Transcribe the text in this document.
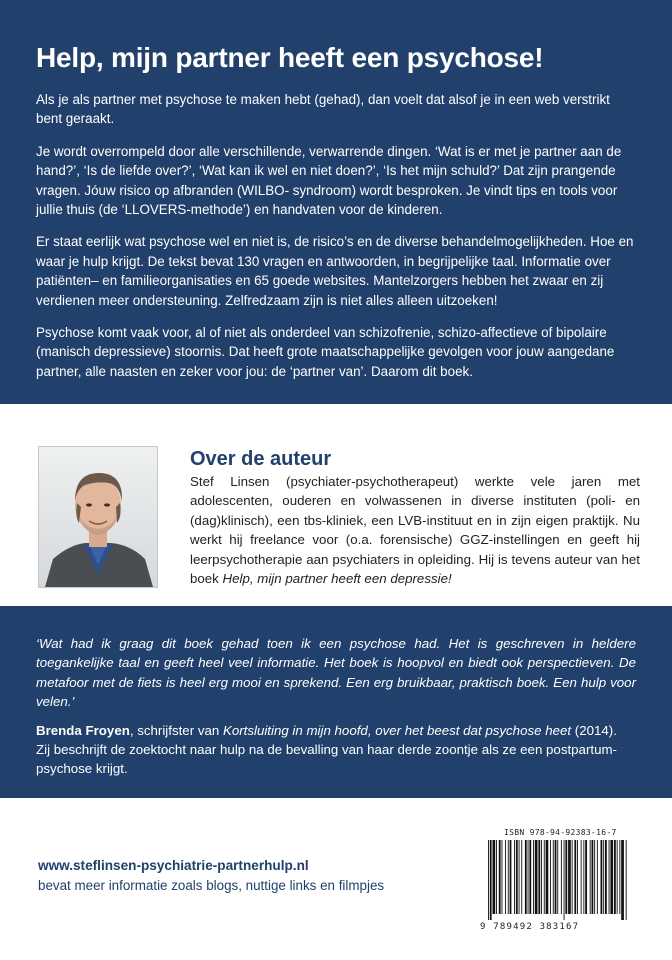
Help, mijn partner heeft een psychose!

Als je als partner met psychose te maken hebt (gehad), dan voelt dat alsof je in een web verstrikt bent geraakt.

Je wordt overrompeld door alle verschillende, verwarrende dingen. ‘Wat is er met je partner aan de hand?’, ‘Is de liefde over?’, ‘Wat kan ik wel en niet doen?’, ‘Is het mijn schuld?’ Dat zijn prangende vragen. Jóuw risico op afbranden (WILBO- syndroom) wordt besproken. Je vindt tips en tools voor jullie thuis (de ‘LLOVERS-methode’) en handvaten voor de kinderen.

Er staat eerlijk wat psychose wel en niet is, de risico’s en de diverse behandelmogelijkheden. Hoe en waar je hulp krijgt. De tekst bevat 130 vragen en antwoorden, in begrijpelijke taal. Informatie over patiënten– en familieorganisaties en 65 goede websites. Mantelzorgers hebben het zwaar en zij verdienen meer ondersteuning. Zelfredzaam zijn is niet alles alleen uitzoeken!

Psychose komt vaak voor, al of niet als onderdeel van schizofrenie, schizo-affectieve of bipolaire (manisch depressieve) stoornis. Dat heeft grote maatschappelijke gevolgen voor jouw aangedane partner, alle naasten en zeker voor jou: de ‘partner van’. Daarom dit boek.

Over de auteur

Stef Linsen (psychiater-psychotherapeut) werkte vele jaren met adolescenten, ouderen en volwassenen in diverse instituten (poli- en (dag)klinisch), een tbs-kliniek, een LVB-instituut en in zijn eigen praktijk. Nu werkt hij freelance voor (o.a. forensische) GGZ-instellingen en geeft hij leerpsychotherapie aan psychiaters in opleiding. Hij is tevens auteur van het boek Help, mijn partner heeft een depressie!

‘Wat had ik graag dit boek gehad toen ik een psychose had. Het is geschreven in heldere toegankelijke taal en geeft heel veel informatie. Het boek is hoopvol en biedt ook perspectieven. De metafoor met de fiets is heel erg mooi en sprekend. Een erg bruikbaar, praktisch boek. Een hulp voor velen.’

Brenda Froyen, schrijfster van Kortsluiting in mijn hoofd, over het beest dat psychose heet (2014).
Zij beschrijft de zoektocht naar hulp na de bevalling van haar derde zoontje als ze een postpartum-psychose krijgt.

www.steflinsen-psychiatrie-partnerhulp.nl

bevat meer informatie zoals blogs, nuttige links en filmpjes

ISBN 978-94-92383-16-7
9 789492 383167
